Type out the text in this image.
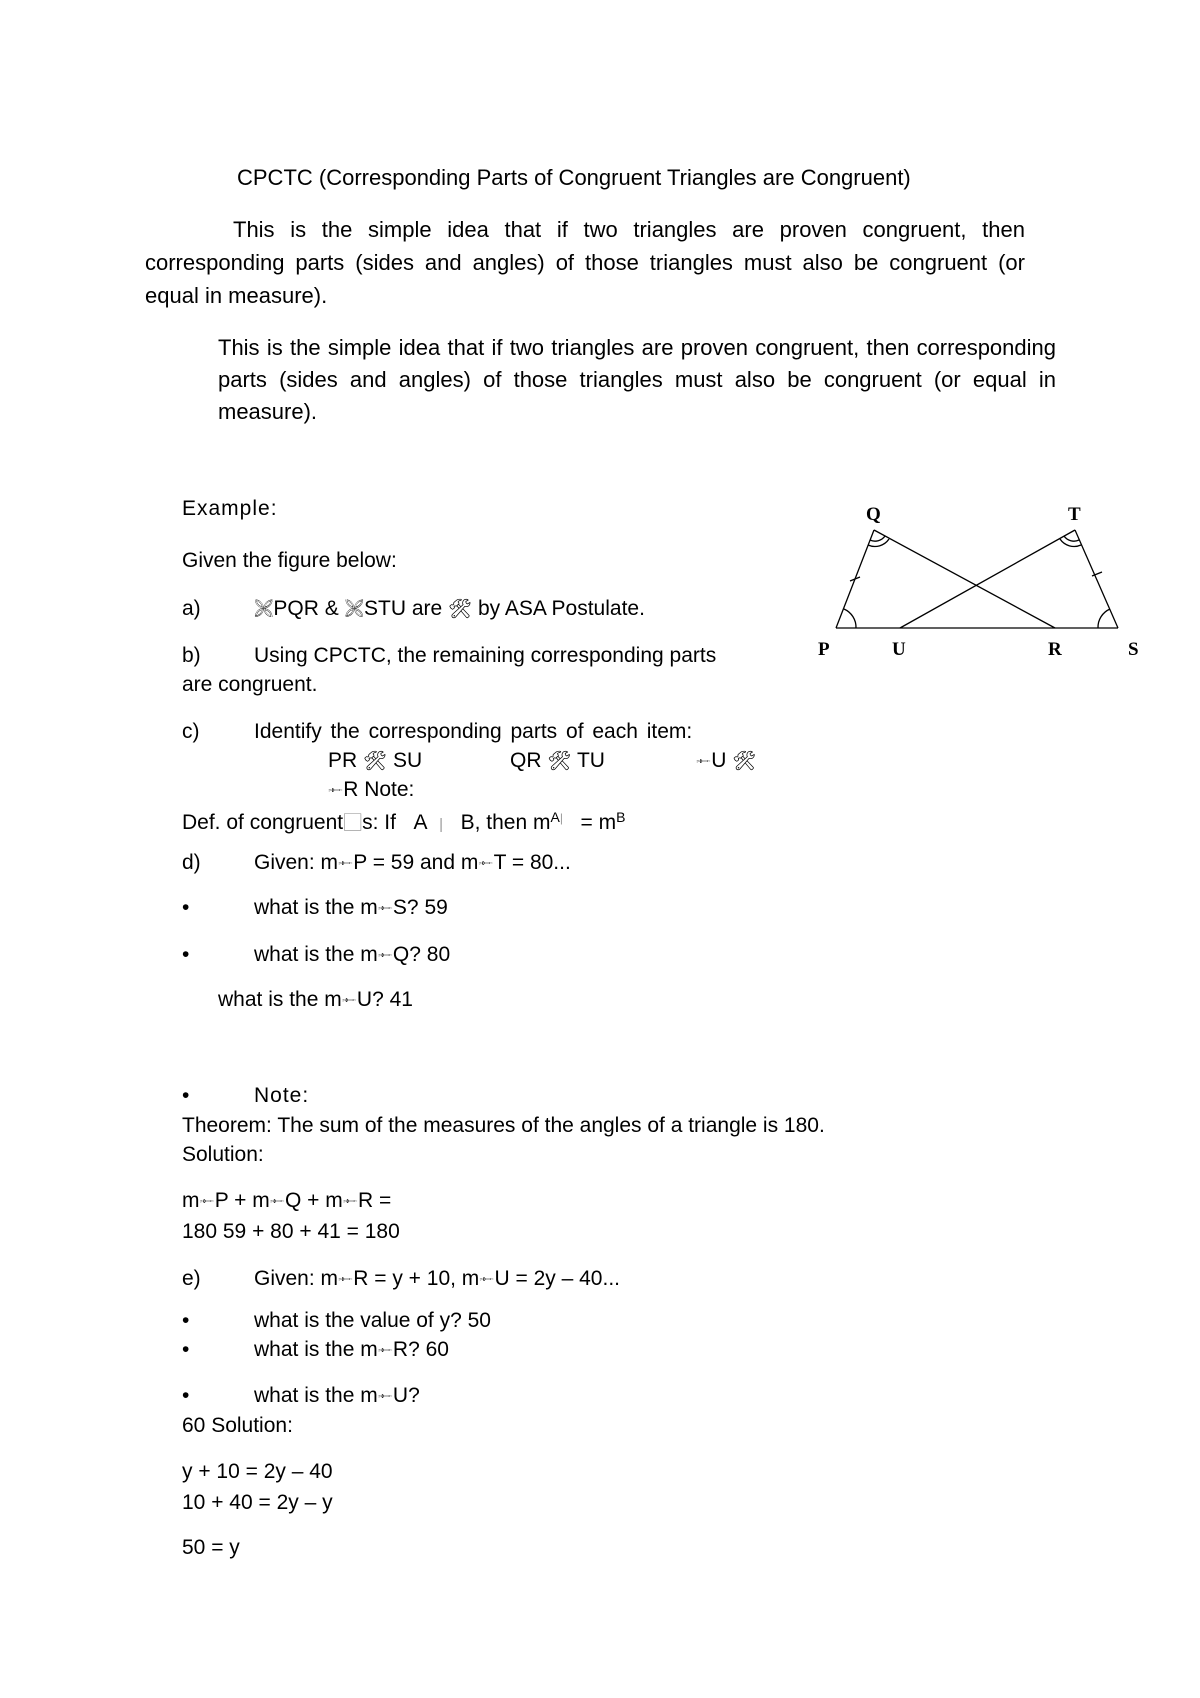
CPCTC (Corresponding Parts of Congruent Triangles are Congruent)
This is the simple idea that if two triangles are proven congruent, then corresponding parts (sides and angles) of those triangles must also be congruent (or equal in measure).
This is the simple idea that if two triangles are proven congruent, then corresponding parts (sides and angles) of those triangles must also be congruent (or equal in measure).
Example:
Given the figure below:
a)	🙨PQR & 🙨STU are 🛠 by ASA Postulate.
b)	Using CPCTC, the remaining corresponding parts
are congruent.
c)	Identify the corresponding parts of each item:
PR 🛠 SU	QR 🛠 TU	🙮U 🛠
🙮R Note:
Def. of congruent⃞s: If A | B, then $m^{A|} = m^B$
d)	Given: m🙮P = 59 and m🙮T = 80...
•	what is the m🙮S? 59
•	what is the m🙮Q? 80
what is the m🙮U? 41
•	Note:
Theorem: The sum of the measures of the angles of a triangle is 180.
Solution:
m🙮P + m🙮Q + m🙮R =
180 59 + 80 + 41 = 180
e)	Given: m🙮R = y + 10, m🙮U = 2y – 40...
•	what is the value of y? 50
•	what is the m🙮R? 60
•	what is the m🙮U?
60 Solution:
y + 10 = 2y – 40
10 + 40 = 2y – y
50 = y
Q	T
P	U	R	S
